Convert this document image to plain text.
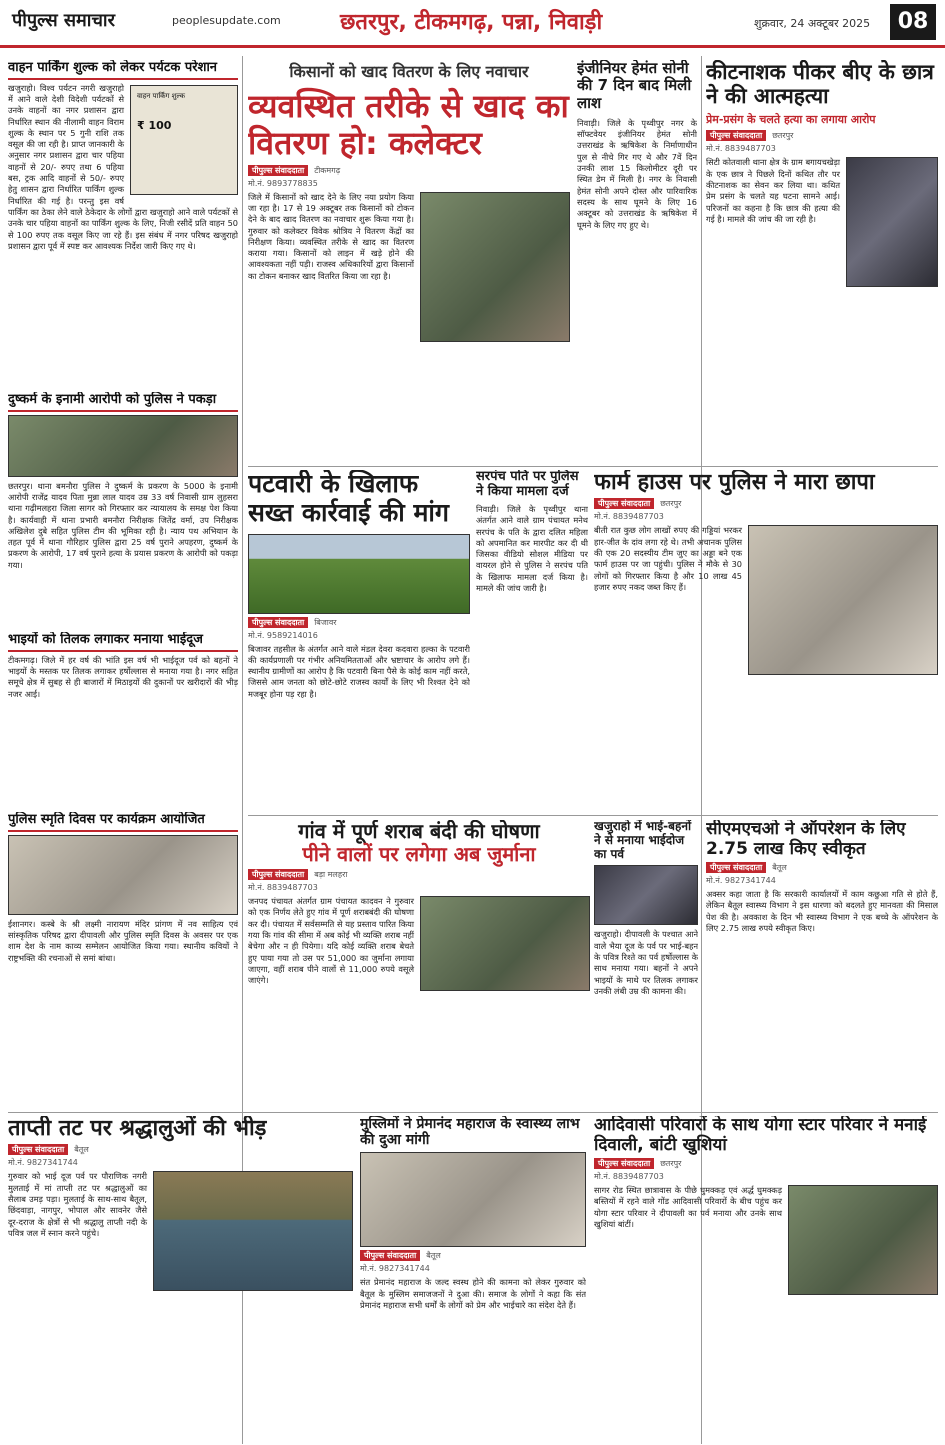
पीपुल्स समाचार	peoplesupdate.com	छतरपुर, टीकमगढ़, पन्ना, निवाड़ी	शुक्रवार, 24 अक्टूबर 2025	08
वाहन पार्किंग शुल्क को लेकर पर्यटक परेशान
वाहन पार्किंग शुल्क
₹ 100
खजुराहो। विश्व पर्यटन नगरी खजुराहो में आने वाले देशी विदेशी पर्यटकों से उनके वाहनों का नगर प्रशासन द्वारा निर्धारित स्थान की नीलामी वाहन विराम शुल्क के स्थान पर 5 गुनी राशि तक वसूल की जा रही है। प्राप्त जानकारी के अनुसार नगर प्रशासन द्वारा चार पहिया वाहनों से 20/- रुपए तथा 6 पहिया बस, ट्रक आदि वाहनों से 50/- रुपए हेतु शासन द्वारा निर्धारित पार्किंग शुल्क निर्धारित की गई है। परन्तु इस वर्ष पार्किंग का ठेका लेने वाले ठेकेदार के लोगों द्वारा खजुराहो आने वाले पर्यटकों से उनके चार पहिया वाहनों का पार्किंग शुल्क के लिए, निजी रसीदें प्रति वाहन 50 से 100 रुपए तक वसूल किए जा रहे हैं। इस संबंध में नगर परिषद खजुराहो प्रशासन द्वारा पूर्व में स्पष्ट कर आवश्यक निर्देश जारी किए गए थे।
किसानों को खाद वितरण के लिए नवाचार
व्यवस्थित तरीके से खाद का वितरण हो: कलेक्टर
पीपुल्स संवाददाता	टीकमगढ़
मो.नं. 9893778835
जिले में किसानों को खाद देने के लिए नया प्रयोग किया जा रहा है। 17 से 19 अक्टूबर तक किसानों को टोकन देने के बाद खाद वितरण का नवाचार शुरू किया गया है। गुरुवार को कलेक्टर विवेक श्रोत्रिय ने वितरण केंद्रों का निरीक्षण किया। व्यवस्थित तरीके से खाद का वितरण कराया गया। किसानों को लाइन में खड़े होने की आवश्यकता नहीं पड़ी। राजस्व अधिकारियों द्वारा किसानों का टोकन बनाकर खाद वितरित किया जा रहा है।
इंजीनियर हेमंत सोनी की 7 दिन बाद मिली लाश
निवाड़ी। जिले के पृथ्वीपुर नगर के सॉफ्टवेयर इंजीनियर हेमंत सोनी उत्तराखंड के ऋषिकेश के निर्माणाधीन पुल से नीचे गिर गए थे और 7वें दिन उनकी लाश 15 किलोमीटर दूरी पर स्थित डेम में मिली है। नगर के निवासी हेमंत सोनी अपने दोस्त और पारिवारिक सदस्य के साथ घूमने के लिए 16 अक्टूबर को उत्तराखंड के ऋषिकेश में घूमने के लिए गए हुए थे।
कीटनाशक पीकर बीए के छात्र ने की आत्महत्या
प्रेम-प्रसंग के चलते हत्या का लगाया आरोप
पीपुल्स संवाददाता	छतरपुर
मो.नं. 8839487703
सिटी कोतवाली थाना क्षेत्र के ग्राम बगायचखेड़ा के एक छात्र ने पिछले दिनों कथित तौर पर कीटनाशक का सेवन कर लिया था। कथित प्रेम प्रसंग के चलते यह घटना सामने आई। परिजनों का कहना है कि छात्र की हत्या की गई है। मामले की जांच की जा रही है।
दुष्कर्म के इनामी आरोपी को पुलिस ने पकड़ा
छतरपुर। थाना बमनौरा पुलिस ने दुष्कर्म के प्रकरण के 5000 के इनामी आरोपी राजेंद्र यादव पिता मुन्ना लाल यादव उम्र 33 वर्ष निवासी ग्राम लुहसरा थाना गढ़ीमलहरा जिला सागर को गिरफ्तार कर न्यायालय के समक्ष पेश किया है। कार्यवाही में थाना प्रभारी बमनौरा निरीक्षक जितेंद्र वर्मा, उप निरीक्षक अखिलेश दुबे सहित पुलिस टीम की भूमिका रही है। न्याय पथ अभियान के तहत पूर्व में थाना गौरिहार पुलिस द्वारा 25 वर्ष पुराने अपहरण, दुष्कर्म के प्रकरण के आरोपी, 17 वर्ष पुराने हत्या के प्रयास प्रकरण के आरोपी को पकड़ा गया।
पटवारी के खिलाफ सख्त कार्रवाई की मांग
पीपुल्स संवाददाता	बिजावर
मो.नं. 9589214016
बिजावर तहसील के अंतर्गत आने वाले मंडल देवरा कदवारा हल्का के पटवारी की कार्यप्रणाली पर गंभीर अनियमितताओं और भ्रष्टाचार के आरोप लगे हैं। स्थानीय ग्रामीणों का आरोप है कि पटवारी बिना पैसे के कोई काम नहीं करते, जिससे आम जनता को छोटे-छोटे राजस्व कार्यों के लिए भी रिश्वत देने को मजबूर होना पड़ रहा है।
सरपंच पति पर पुलिस ने किया मामला दर्ज
निवाड़ी। जिले के पृथ्वीपुर थाना अंतर्गत आने वाले ग्राम पंचायत मनेथ सरपंच के पति के द्वारा दलित महिला को अपमानित कर मारपीट कर दी थी जिसका वीडियो सोशल मीडिया पर वायरल होने से पुलिस ने सरपंच पति के खिलाफ मामला दर्ज किया है। मामले की जांच जारी है।
फार्म हाउस पर पुलिस ने मारा छापा
पीपुल्स संवाददाता	छतरपुर
मो.नं. 8839487703
बीती रात कुछ लोग लाखों रुपए की गड्डियां भरकर हार-जीत के दांव लगा रहे थे। तभी अचानक पुलिस की एक 20 सदस्यीय टीम जुए का अड्डा बने एक फार्म हाउस पर जा पहुंची। पुलिस ने मौके से 30 लोगों को गिरफ्तार किया है और 10 लाख 45 हजार रुपए नकद जब्त किए हैं।
भाइयों को तिलक लगाकर मनाया भाईदूज
टीकमगढ़। जिले में हर वर्ष की भांति इस वर्ष भी भाईदूज पर्व को बहनों ने भाइयों के मस्तक पर तिलक लगाकर हर्षोल्लास से मनाया गया है। नगर सहित समूचे क्षेत्र में सुबह से ही बाजारों में मिठाइयों की दुकानों पर खरीदारों की भीड़ नजर आई।
पुलिस स्मृति दिवस पर कार्यक्रम आयोजित
ईशानगर। कस्बे के श्री लक्ष्मी नारायण मंदिर प्रांगण में नव साहित्य एवं सांस्कृतिक परिषद द्वारा दीपावली और पुलिस स्मृति दिवस के अवसर पर एक शाम देश के नाम काव्य सम्मेलन आयोजित किया गया। स्थानीय कवियों ने राष्ट्रभक्ति की रचनाओं से समां बांधा।
गांव में पूर्ण शराब बंदी की घोषणा
पीने वालों पर लगेगा अब जुर्माना
पीपुल्स संवाददाता	बड़ा मलहरा
मो.नं. 8839487703
जनपद पंचायत अंतर्गत ग्राम पंचायत कादवन ने गुरुवार को एक निर्णय लेते हुए गांव में पूर्ण शराबबंदी की घोषणा कर दी। पंचायत में सर्वसम्मति से यह प्रस्ताव पारित किया गया कि गांव की सीमा में अब कोई भी व्यक्ति शराब नहीं बेचेगा और न ही पियेगा। यदि कोई व्यक्ति शराब बेचते हुए पाया गया तो उस पर 51,000 का जुर्माना लगाया जाएगा, वहीं शराब पीने वालों से 11,000 रुपये वसूले जाएंगे।
खजुराहो में भाई-बहनों ने से मनाया भाईदोज का पर्व
खजुराहो। दीपावली के पश्चात आने वाले भैया दूज के पर्व पर भाई-बहन के पवित्र रिश्ते का पर्व हर्षोल्लास के साथ मनाया गया। बहनों ने अपने भाइयों के माथे पर तिलक लगाकर उनकी लंबी उम्र की कामना की।
सीएमएचओ ने ऑपरेशन के लिए 2.75 लाख किए स्वीकृत
पीपुल्स संवाददाता	बैतूल
मो.नं. 9827341744
अक्सर कहा जाता है कि सरकारी कार्यालयों में काम कछुआ गति से होते हैं, लेकिन बैतूल स्वास्थ्य विभाग ने इस धारणा को बदलते हुए मानवता की मिसाल पेश की है। अवकाश के दिन भी स्वास्थ्य विभाग ने एक बच्चे के ऑपरेशन के लिए 2.75 लाख रुपये स्वीकृत किए।
ताप्ती तट पर श्रद्धालुओं की भीड़
पीपुल्स संवाददाता	बैतूल
मो.नं. 9827341744
गुरुवार को भाई दूज पर्व पर पौराणिक नगरी मुलताई में मां ताप्ती तट पर श्रद्धालुओं का सैलाब उमड़ पड़ा। मुलताई के साथ-साथ बैतूल, छिंदवाड़ा, नागपुर, भोपाल और सावनेर जैसे दूर-दराज के क्षेत्रों से भी श्रद्धालु ताप्ती नदी के पवित्र जल में स्नान करने पहुंचे।
मुस्लिमों ने प्रेमानंद महाराज के स्वास्थ्य लाभ की दुआ मांगी
पीपुल्स संवाददाता	बैतूल
मो.नं. 9827341744
संत प्रेमानंद महाराज के जल्द स्वस्थ होने की कामना को लेकर गुरुवार को बैतूल के मुस्लिम समाजजनों ने दुआ की। समाज के लोगों ने कहा कि संत प्रेमानंद महाराज सभी धर्मों के लोगों को प्रेम और भाईचारे का संदेश देते हैं।
आदिवासी परिवारों के साथ योगा स्टार परिवार ने मनाई दिवाली, बांटी खुशियां
पीपुल्स संवाददाता	छतरपुर
मो.नं. 8839487703
सागर रोड स्थित छात्रावास के पीछे घुमक्कड़ एवं अर्द्ध घुमक्कड़ बस्तियों में रहने वाले गोंड आदिवासी परिवारों के बीच पहुंच कर योगा स्टार परिवार ने दीपावली का पर्व मनाया और उनके साथ खुशियां बांटीं।
